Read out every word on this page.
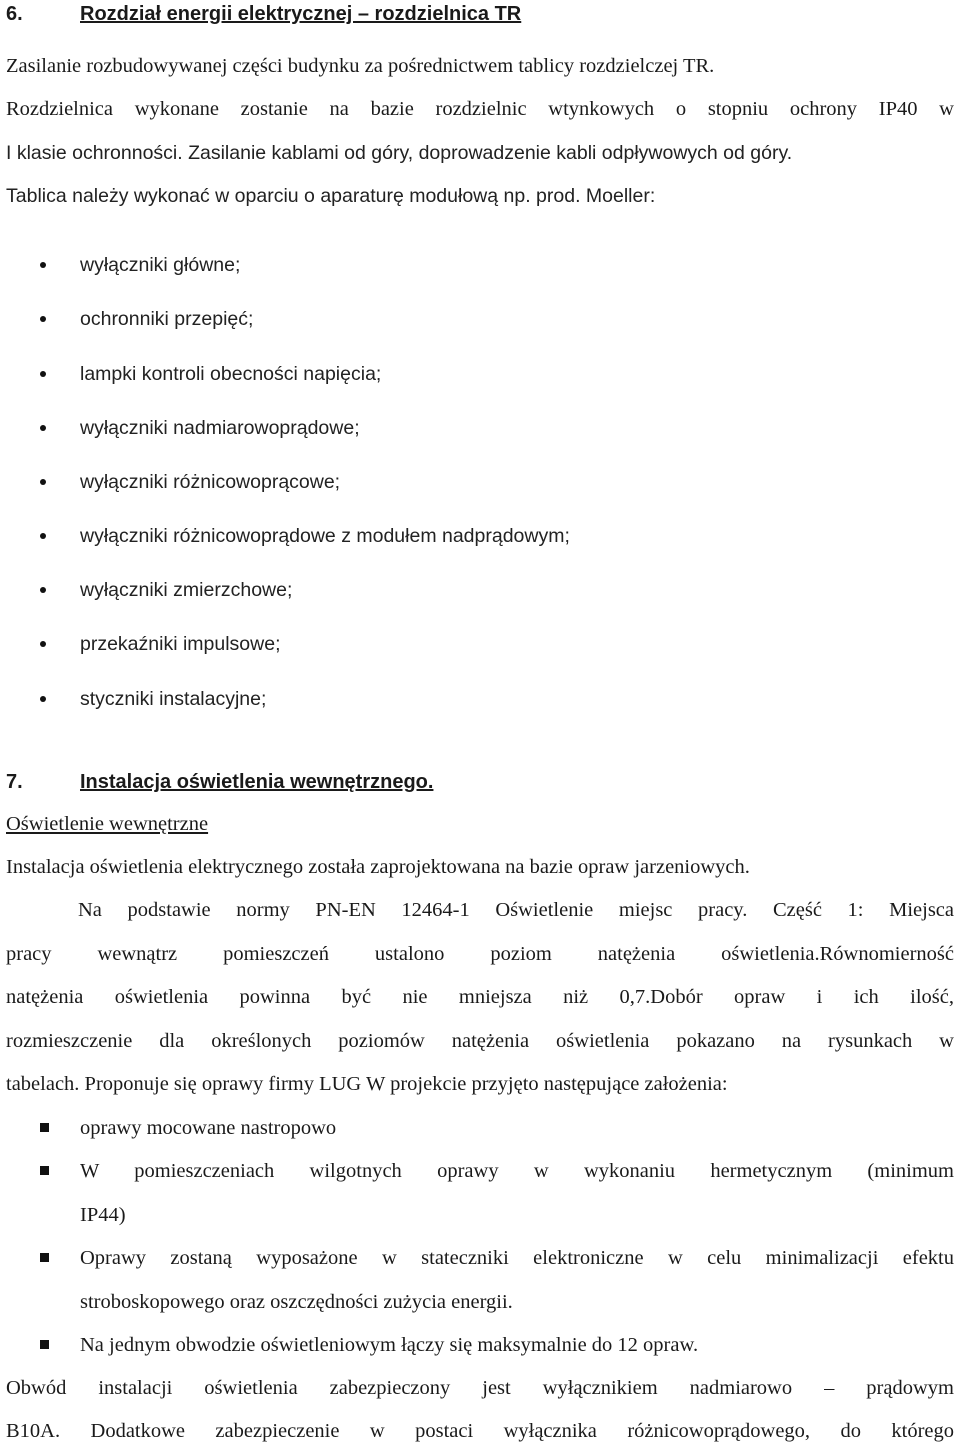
6.	Rozdział energii elektrycznej – rozdzielnica TR
Zasilanie rozbudowywanej części budynku za pośrednictwem tablicy rozdzielczej TR.
Rozdzielnica wykonane zostanie na bazie rozdzielnic wtynkowych o stopniu ochrony IP40 w
I klasie ochronności. Zasilanie kablami od góry, doprowadzenie kabli odpływowych od góry.
Tablica należy wykonać w oparciu o aparaturę modułową np. prod. Moeller:
wyłączniki główne;
ochronniki przepięć;
lampki kontroli obecności napięcia;
wyłączniki nadmiarowoprądowe;
wyłączniki różnicowoprącowe;
wyłączniki różnicowoprądowe z modułem nadprądowym;
wyłączniki zmierzchowe;
przekaźniki impulsowe;
styczniki instalacyjne;
7.	Instalacja oświetlenia wewnętrznego.
Oświetlenie wewnętrzne
Instalacja oświetlenia elektrycznego została zaprojektowana na bazie opraw jarzeniowych.
Na podstawie normy PN-EN 12464-1 Oświetlenie miejsc pracy. Część 1: Miejsca
pracy wewnątrz pomieszczeń ustalono poziom natężenia oświetlenia.Równomierność
natężenia oświetlenia powinna być nie mniejsza niż 0,7.Dobór opraw i ich ilość,
rozmieszczenie dla określonych poziomów natężenia oświetlenia pokazano na rysunkach w
tabelach. Proponuje się oprawy firmy LUG W projekcie przyjęto następujące założenia:
oprawy mocowane nastropowo
W pomieszczeniach wilgotnych oprawy w wykonaniu hermetycznym (minimum
IP44)
Oprawy zostaną wyposażone w stateczniki elektroniczne w celu minimalizacji efektu
stroboskopowego oraz oszczędności zużycia energii.
Na jednym obwodzie oświetleniowym łączy się maksymalnie do 12 opraw.
Obwód instalacji oświetlenia zabezpieczony jest wyłącznikiem nadmiarowo – prądowym
B10A. Dodatkowe zabezpieczenie w postaci wyłącznika różnicowoprądowego, do którego
